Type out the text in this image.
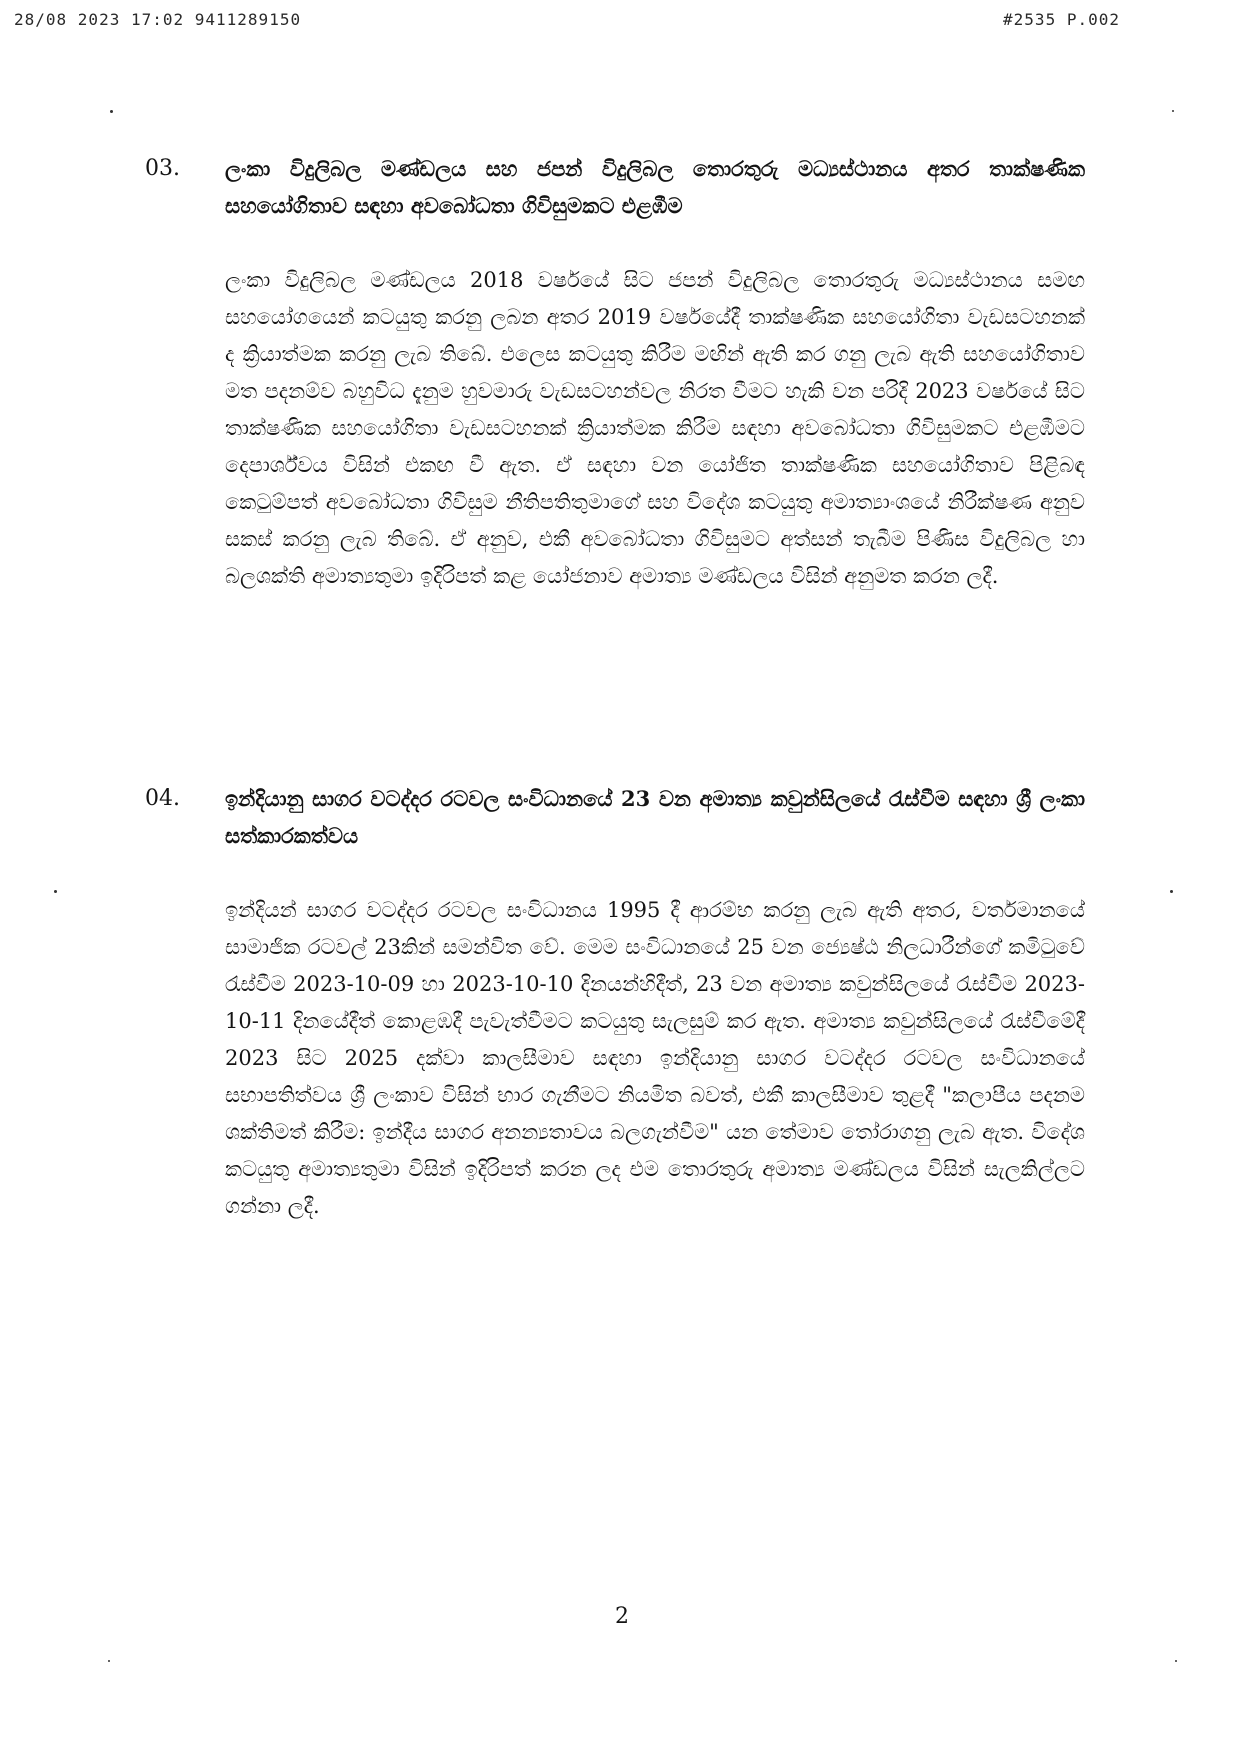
28/08 2023 17:02 9411289150	#2535 P.002
03. ලංකා විදුලිබල මණ්ඩලය සහ ජපන් විදුලිබල තොරතුරු මධ්‍යස්ථානය අතර තාක්ෂණික සහයෝගිතාව සඳහා අවබෝධතා ගිවිසුමකට එළඹීම
ලංකා විදුලිබල මණ්ඩලය 2018 වර්ෂයේ සිට ජපන් විදුලිබල තොරතුරු මධ්‍යස්ථානය සමඟ සහයෝගයෙන් කටයුතු කරනු ලබන අතර 2019 වර්ෂයේදී තාක්ෂණික සහයෝගිතා වැඩසටහනක් ද ක්‍රියාත්මක කරනු ලැබ තිබේ. එලෙස කටයුතු කිරීම මඟින් ඇති කර ගනු ලැබ ඇති සහයෝගිතාව මත පදනම්ව බහුවිධ දැනුම හුවමාරු වැඩසටහන්වල නිරත වීමට හැකි වන පරිදි 2023 වර්ෂයේ සිට තාක්ෂණික සහයෝගිතා වැඩසටහනක් ක්‍රියාත්මක කිරීම සඳහා අවබෝධතා ගිවිසුමකට එළඹීමට දෙපාර්ශ්වය විසින් එකඟ වී ඇත. ඒ සඳහා වන යෝජිත තාක්ෂණික සහයෝගිතාව පිළිබඳ කෙටුම්පත් අවබෝධතා ගිවිසුම නීතිපතිතුමාගේ සහ විදේශ කටයුතු අමාත්‍යාංශයේ නිරීක්ෂණ අනුව සකස් කරනු ලැබ තිබේ. ඒ අනුව, එකී අවබෝධතා ගිවිසුමට අත්සන් තැබීම පිණිස විදුලිබල හා බලශක්ති අමාත්‍යතුමා ඉදිරිපත් කළ යෝජනාව අමාත්‍ය මණ්ඩලය විසින් අනුමත කරන ලදී.
04. ඉන්දියානු සාගර වටද්දර රටවල සංවිධානයේ 23 වන අමාත්‍ය කවුන්සිලයේ රැස්වීම සඳහා ශ්‍රී ලංකා සත්කාරකත්වය
ඉන්දියන් සාගර වටද්දර රටවල සංවිධානය 1995 දී ආරම්භ කරනු ලැබ ඇති අතර, වර්තමානයේ සාමාජික රටවල් 23කින් සමන්විත වේ. මෙම සංවිධානයේ 25 වන ජ්‍යෙෂ්ඨ නිලධාරීන්ගේ කමිටුවේ රැස්වීම 2023-10-09 හා 2023-10-10 දිනයන්හිදීත්, 23 වන අමාත්‍ය කවුන්සිලයේ රැස්වීම 2023-10-11 දිනයේදීත් කොළඹදී පැවැත්වීමට කටයුතු සැලසුම් කර ඇත. අමාත්‍ය කවුන්සිලයේ රැස්වීමේදී 2023 සිට 2025 දක්වා කාලසීමාව සඳහා ඉන්දියානු සාගර වටද්දර රටවල සංවිධානයේ සභාපතිත්වය ශ්‍රී ලංකාව විසින් භාර ගැනීමට නියමිත බවත්, එකී කාලසීමාව තුළදී "කලාපීය පදනම ශක්තිමත් කිරීම: ඉන්දීය සාගර අනන්‍යතාවය බලගැන්වීම" යන තේමාව තෝරාගනු ලැබ ඇත. විදේශ කටයුතු අමාත්‍යතුමා විසින් ඉදිරිපත් කරන ලද එම තොරතුරු අමාත්‍ය මණ්ඩලය විසින් සැලකිල්ලට ගන්නා ලදී.
2
